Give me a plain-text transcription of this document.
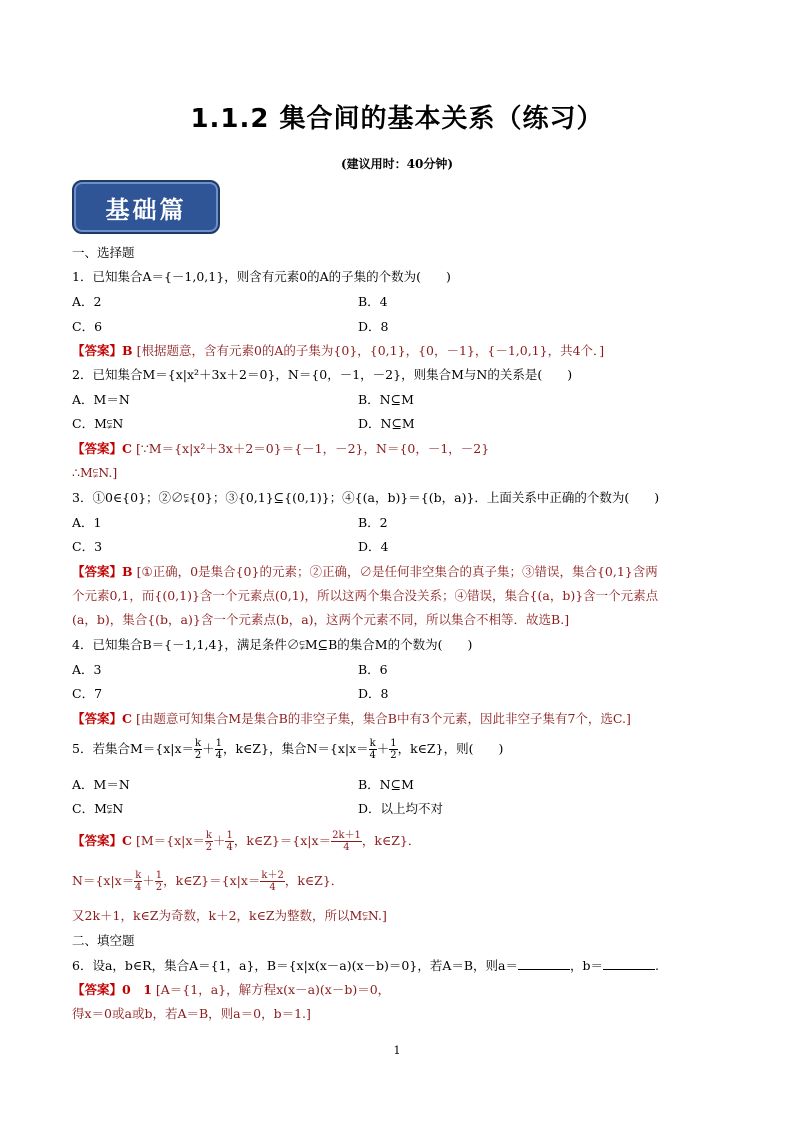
1.1.2 集合间的基本关系（练习）
(建议用时：40分钟)
基础篇
一、选择题
1．已知集合A＝{－1,0,1}，则含有元素0的A的子集的个数为(　　)
A．2	B．4
C．6	D．8
【答案】B [根据题意，含有元素0的A的子集为{0}，{0,1}，{0，－1}，{－1,0,1}，共4个．]
2．已知集合M＝{x|x²＋3x＋2＝0}，N＝{0，－1，－2}，则集合M与N的关系是(　　)
A．M＝N	B．N⊆M
C．M⫋N	D．N⊆M
【答案】C [∵M＝{x|x²＋3x＋2＝0}＝{－1，－2}，N＝{0，－1，－2}
∴M⫋N.]
3．①0∈{0}；②∅⫋{0}；③{0,1}⊆{(0,1)}；④{(a，b)}＝{(b，a)}．上面关系中正确的个数为(　　)
A．1	B．2
C．3	D．4
【答案】B [①正确，0是集合{0}的元素；②正确，∅是任何非空集合的真子集；③错误，集合{0,1}含两
个元素0,1，而{(0,1)}含一个元素点(0,1)，所以这两个集合没关系；④错误，集合{(a，b)}含一个元素点
(a，b)，集合{(b，a)}含一个元素点(b，a)，这两个元素不同，所以集合不相等．故选B.]
4．已知集合B＝{－1,1,4}，满足条件∅⫋M⊆B的集合M的个数为(　　)
A．3	B．6
C．7	D．8
【答案】C [由题意可知集合M是集合B的非空子集，集合B中有3个元素，因此非空子集有7个，选C.]
5．若集合$M=\{x|x= \frac{k}{2} + \frac{1}{4}$ ，k∈Z}，集合$N=\{x|x= \frac{k}{4} + \frac{1}{2}$ ，k∈Z}，则(　　)
A．M＝N	B．N⊆M
C．M⫋N	D．以上均不对
【答案】C [$M=\{x|x= \frac{k}{2} + \frac{1}{4}$ ，k∈Z}＝{x|x＝ $\frac{2k+1}{4}$ ，k∈Z}．
$N=\{x|x= \frac{k}{4} + \frac{1}{2}$ ，k∈Z}＝{x|x＝ $\frac{k+2}{4}$ ，k∈Z}．
又2k＋1，k∈Z为奇数，k＋2，k∈Z为整数，所以M⫋N.]
二、填空题
6．设a，b∈R，集合A＝{1，a}，B＝{x|x(x－a)(x－b)＝0}，若A＝B，则a＝	，b＝	.
【答案】0　1 [A＝{1，a}，解方程x(x－a)(x－b)＝0，
得x＝0或a或b，若A＝B，则a＝0，b＝1.]
1
